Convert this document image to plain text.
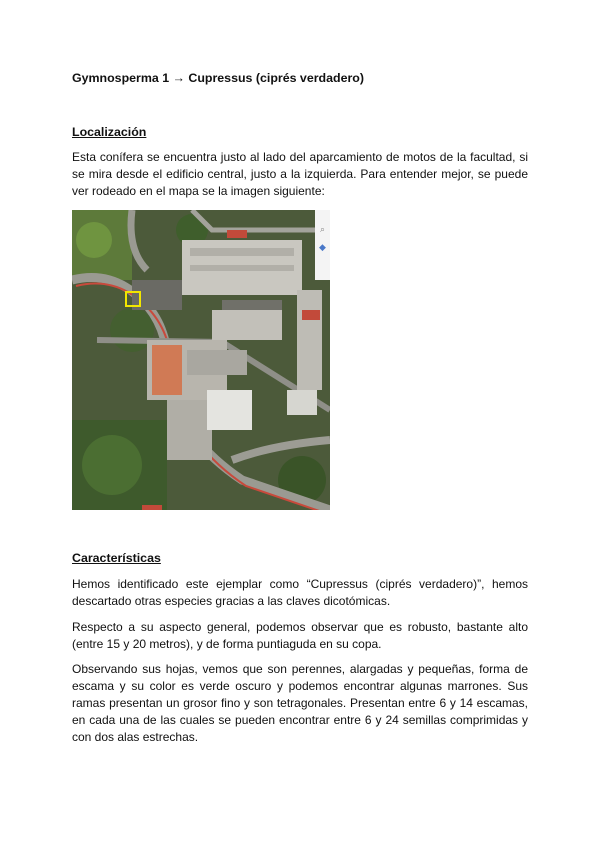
Gymnosperma 1 → Cupressus (ciprés verdadero)
Localización

Esta conífera se encuentra justo al lado del aparcamiento de motos de la facultad, si se mira desde el edificio central, justo a la izquierda. Para entender mejor, se puede ver rodeado en el mapa se la imagen siguiente:

⌕
◆
Características

Hemos identificado este ejemplar como “Cupressus (ciprés verdadero)”, hemos descartado otras especies gracias a las claves dicotómicas.

Respecto a su aspecto general, podemos observar que es robusto, bastante alto (entre 15 y 20 metros), y de forma puntiaguda en su copa.

Observando sus hojas, vemos que son perennes, alargadas y pequeñas, forma de escama y su color es verde oscuro y podemos encontrar algunas marrones. Sus ramas presentan un grosor fino y son tetragonales. Presentan entre 6 y 14 escamas, en cada una de las cuales se pueden encontrar entre 6 y 24 semillas comprimidas y con dos alas estrechas.
